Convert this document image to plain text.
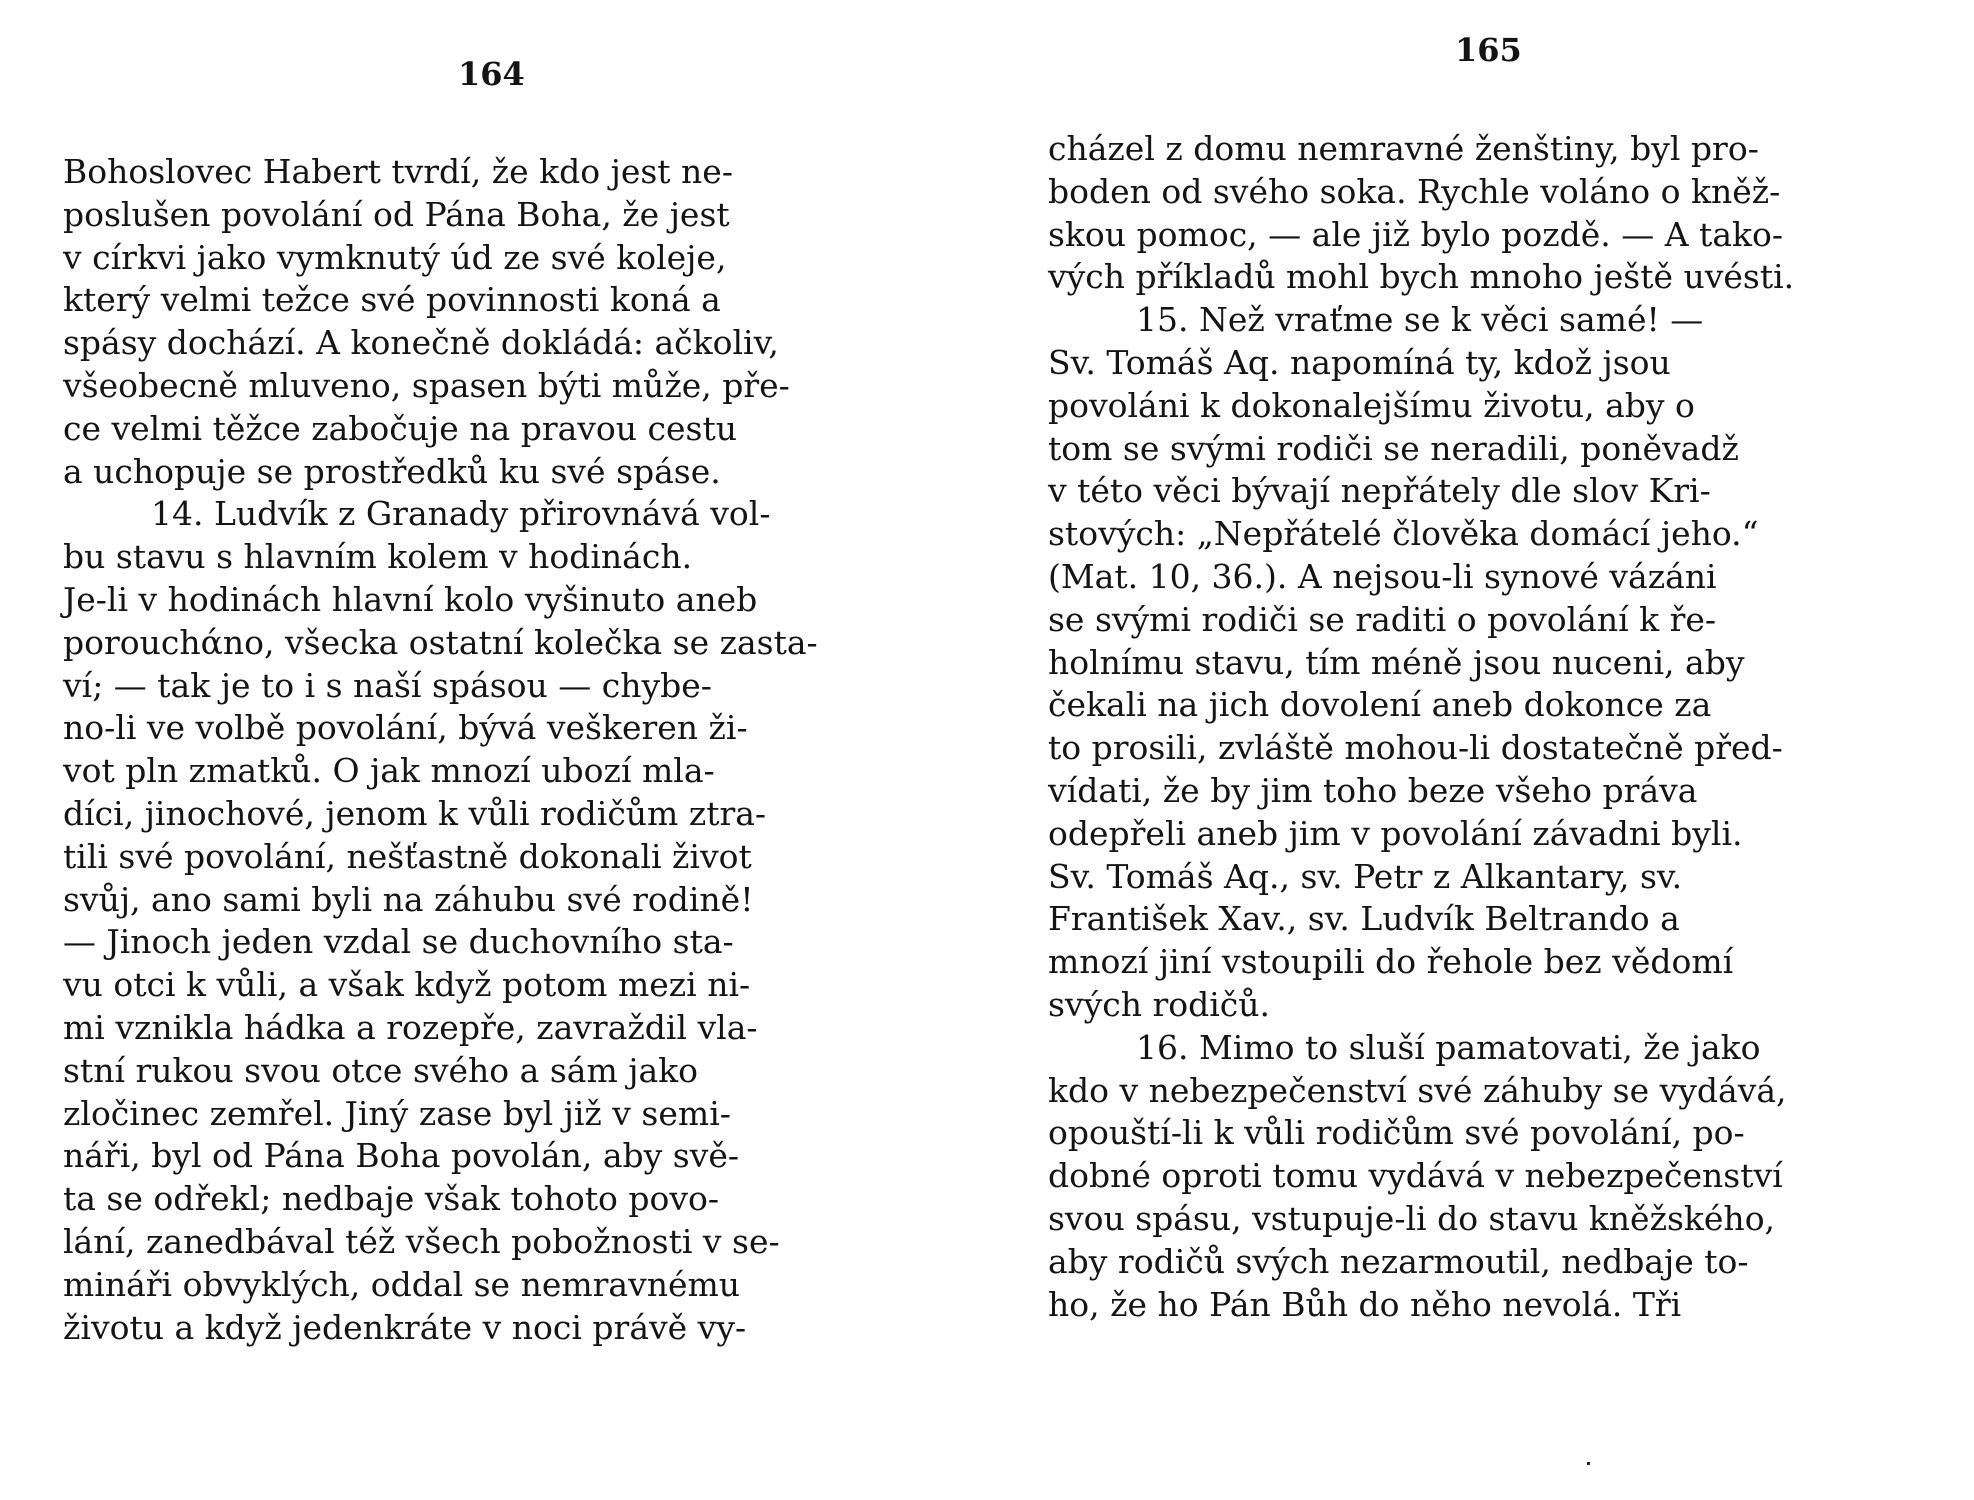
164
Bohoslovec Habert tvrdí, že kdo jest ne-
poslušen povolání od Pána Boha, že jest
v církvi jako vymknutý úd ze své koleje,
který velmi težce své povinnosti koná a
spásy dochází. A konečně dokládá: ačkoliv,
všeobecně mluveno, spasen býti může, pře-
ce velmi těžce zabočuje na pravou cestu
a uchopuje se prostředků ku své spáse.
14. Ludvík z Granady přirovnává vol-
bu stavu s hlavním kolem v hodinách.
Je-li v hodinách hlavní kolo vyšinuto aneb
porouchάno, všecka ostatní kolečka se zasta-
ví; — tak je to i s naší spásou — chybe-
no-li ve volbě povolání, bývá veškeren ži-
vot pln zmatků. O jak mnozí ubozí mla-
díci, jinochové, jenom k vůli rodičům ztra-
tili své povolání, nešťastně dokonali život
svůj, ano sami byli na záhubu své rodině!
— Jinoch jeden vzdal se duchovního sta-
vu otci k vůli, a však když potom mezi ni-
mi vznikla hádka a rozepře, zavraždil vla-
stní rukou svou otce svého a sám jako
zločinec zemřel. Jiný zase byl již v semi-
náři, byl od Pána Boha povolán, aby svě-
ta se odřekl; nedbaje však tohoto povo-
lání, zanedbával též všech pobožnosti v se-
mináři obvyklých, oddal se nemravnému
životu a když jedenkráte v noci právě vy-
165
cházel z domu nemravné ženštiny, byl pro-
boden od svého soka. Rychle voláno o kněž-
skou pomoc, — ale již bylo pozdě. — A tako-
vých příkladů mohl bych mnoho ještě uvésti.
15. Než vraťme se k věci samé! —
Sv. Tomáš Aq. napomíná ty, kdož jsou
povoláni k dokonalejšímu životu, aby o
tom se svými rodiči se neradili, poněvadž
v této věci bývají nepřátely dle slov Kri-
stových: „Nepřátelé člověka domácí jeho.“
(Mat. 10, 36.). A nejsou-li synové vázáni
se svými rodiči se raditi o povolání k ře-
holnímu stavu, tím méně jsou nuceni, aby
čekali na jich dovolení aneb dokonce za
to prosili, zvláště mohou-li dostatečně před-
vídati, že by jim toho beze všeho práva
odepřeli aneb jim v povolání závadni byli.
Sv. Tomáš Aq., sv. Petr z Alkantary, sv.
František Xav., sv. Ludvík Beltrando a
mnozí jiní vstoupili do řehole bez vědomí
svých rodičů.
16. Mimo to sluší pamatovati, že jako
kdo v nebezpečenství své záhuby se vydává,
opouští-li k vůli rodičům své povolání, po-
dobné oproti tomu vydává v nebezpečenství
svou spásu, vstupuje-li do stavu kněžského,
aby rodičů svých nezarmoutil, nedbaje to-
ho, že ho Pán Bůh do něho nevolá. Tři
